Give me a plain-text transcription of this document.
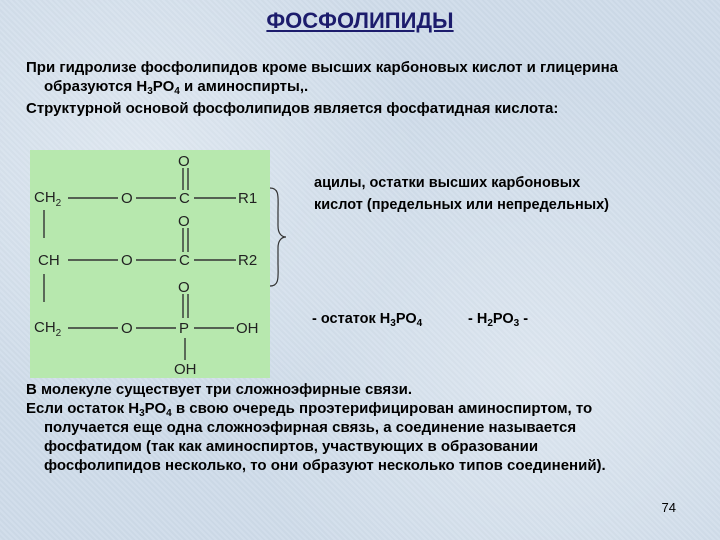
ФОСФОЛИПИДЫ
При гидролизе фосфолипидов кроме высших карбоновых кислот и глицерина
образуются $Н_3РО_4$ и аминоспирты,.
Структурной основой фосфолипидов является фосфатидная кислота:
O
$CH_2$	O	C	R1
O
CH	O	C	R2
O
$CH_2$	O	P	OH
OH
ацилы, остатки высших карбоновых
кислот (предельных или непредельных)
- остаток $Н_3РО_4$	- $Н_2РО_3$ -
В молекуле существует три сложноэфирные связи.
Если остаток $Н_3РО_4$ в свою очередь проэтерифицирован аминоспиртом, то
получается еще одна сложноэфирная связь, а соединение называется
фосфатидом (так как аминоспиртов, участвующих в образовании
фосфолипидов несколько, то они образуют несколько типов соединений).
74
